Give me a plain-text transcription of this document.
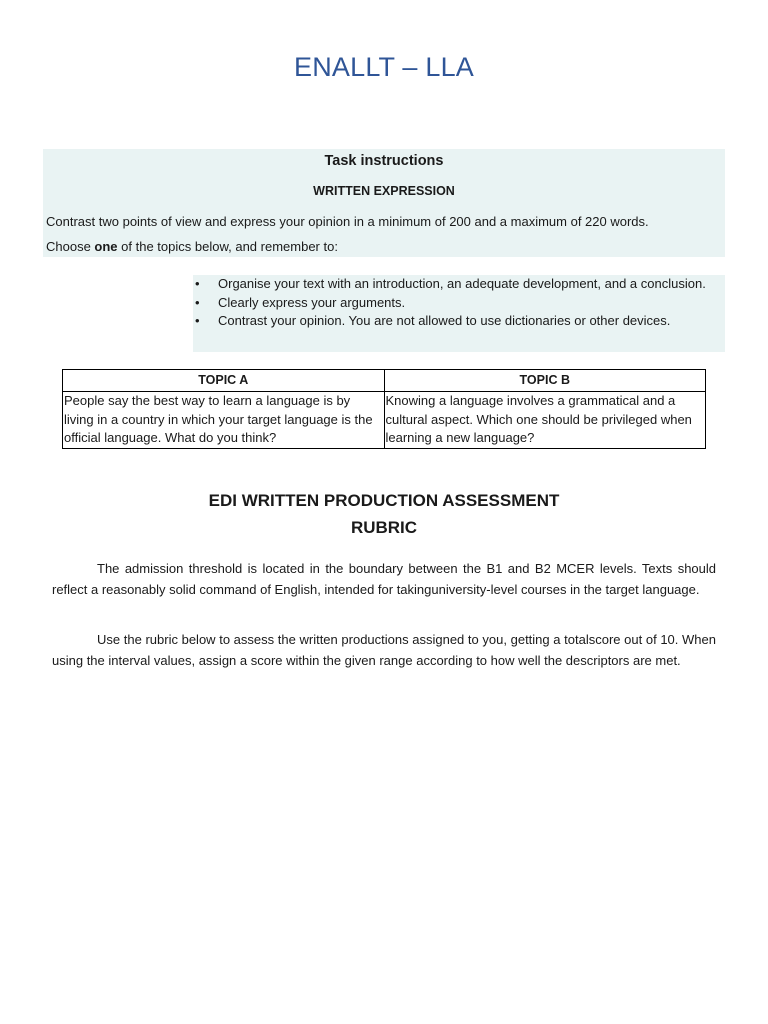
ENALLT – LLA
Task instructions
WRITTEN EXPRESSION
Contrast two points of view and express your opinion in a minimum of 200 and a maximum of 220 words.
Choose one of the topics below, and remember to:
• Organise your text with an introduction, an adequate development, and a conclusion.
• Clearly express your arguments.
• Contrast your opinion. You are not allowed to use dictionaries or other devices.
TOPIC A	TOPIC B
People say the best way to learn a language is by living in a country in which your target language is the official language. What do you think?	Knowing a language involves a grammatical and a cultural aspect. Which one should be privileged when learning a new language?
EDI WRITTEN PRODUCTION ASSESSMENT
RUBRIC
The admission threshold is located in the boundary between the B1 and B2 MCER levels. Texts should reflect a reasonably solid command of English, intended for takinguniversity-level courses in the target language.
Use the rubric below to assess the written productions assigned to you, getting a totalscore out of 10. When using the interval values, assign a score within the given range according to how well the descriptors are met.
